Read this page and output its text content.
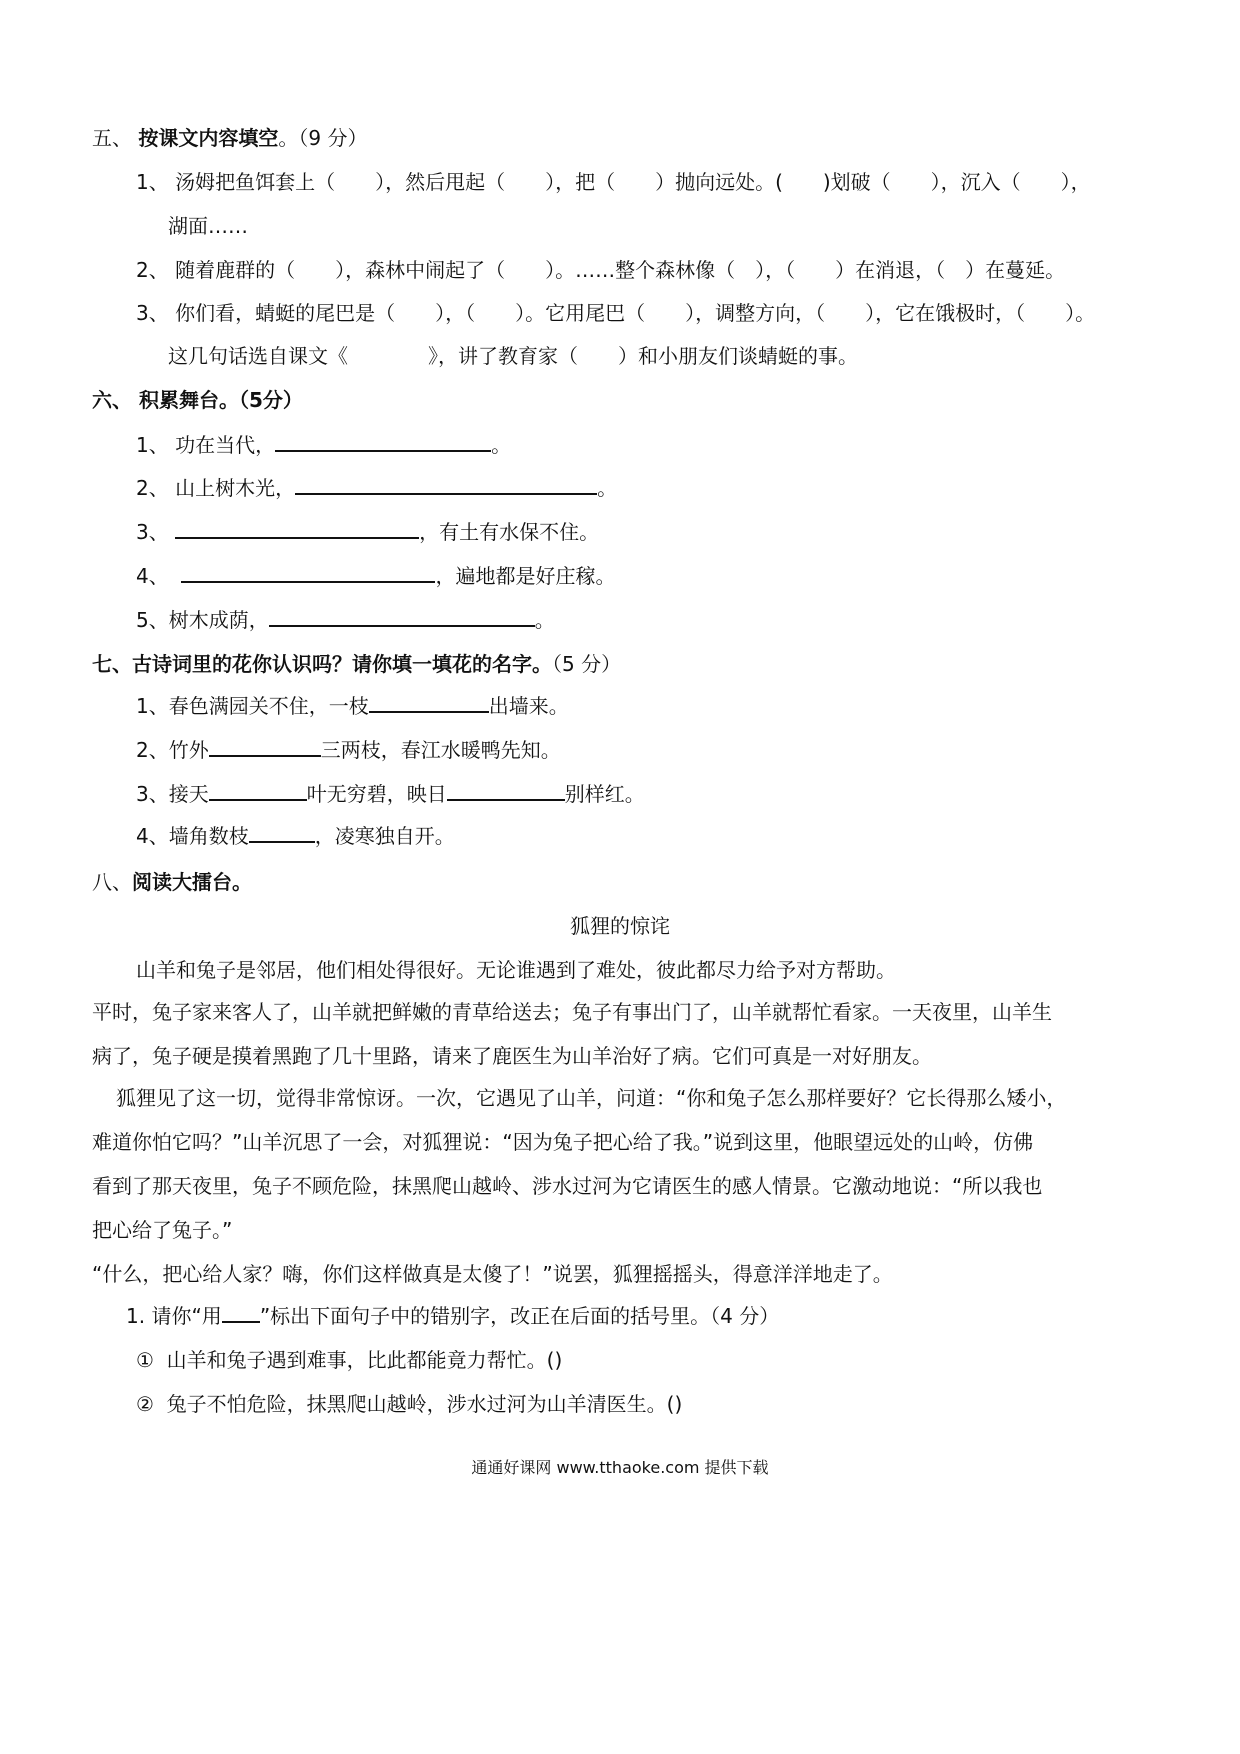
五、 按课文内容填空。（9 分）
1、 汤姆把鱼饵套上（　　），然后甩起（　　），把（　　）抛向远处。(　　)划破（　　），沉入（　　），
湖面……
2、 随着鹿群的（　　），森林中闹起了（　　）。……整个森林像（　），（　　）在消退，（　）在蔓延。
3、 你们看，蜻蜓的尾巴是（　　），（　　）。它用尾巴（　　），调整方向，（　　），它在饿极时，（　　）。
这几句话选自课文《　　　　》，讲了教育家（　　）和小朋友们谈蜻蜓的事。
六、 积累舞台。（5分）
1、 功在当代，	。
2、 山上树木光，	。
3、	，有土有水保不住。
4、	，遍地都是好庄稼。
5、树木成荫，	。
七、古诗词里的花你认识吗？请你填一填花的名字。（5 分）
1、春色满园关不住，一枝	出墙来。
2、竹外	三两枝，春江水暖鸭先知。
3、接天	叶无穷碧，映日	别样红。
4、墙角数枝	，凌寒独自开。
八、阅读大擂台。
狐狸的惊诧
山羊和兔子是邻居，他们相处得很好。无论谁遇到了难处，彼此都尽力给予对方帮助。
平时，兔子家来客人了，山羊就把鲜嫩的青草给送去；兔子有事出门了，山羊就帮忙看家。一天夜里，山羊生
病了，兔子硬是摸着黑跑了几十里路，请来了鹿医生为山羊治好了病。它们可真是一对好朋友。
狐狸见了这一切，觉得非常惊讶。一次，它遇见了山羊，问道：“你和兔子怎么那样要好？它长得那么矮小，
难道你怕它吗？”山羊沉思了一会，对狐狸说：“因为兔子把心给了我。”说到这里，他眼望远处的山岭，仿佛
看到了那天夜里，兔子不顾危险，抹黑爬山越岭、涉水过河为它请医生的感人情景。它激动地说：“所以我也
把心给了兔子。”
“什么，把心给人家？嗨，你们这样做真是太傻了！”说罢，狐狸摇摇头，得意洋洋地走了。
1. 请你“用 ”标出下面句子中的错别字，改正在后面的括号里。（4 分）
① 山羊和兔子遇到难事，比此都能竟力帮忙。()
② 兔子不怕危险，抹黑爬山越岭，涉水过河为山羊清医生。()
通通好课网 www.tthaoke.com 提供下载
